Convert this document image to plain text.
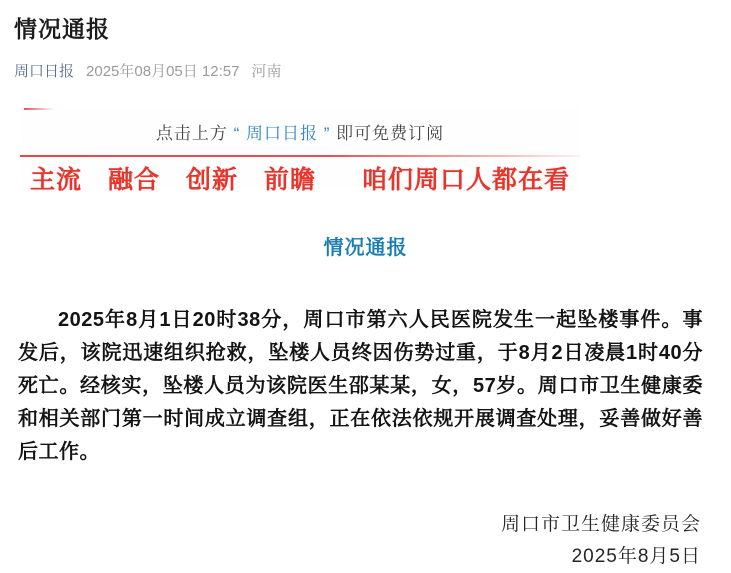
情况通报
周口日报 2025年08月05日 12:57 河南
点击上方 “ 周口日报 ” 即可免费订阅
主流　融合　创新　前瞻 咱们周口人都在看
情况通报

2025年8月1日20时38分，周口市第六人民医院发生一起坠楼事件。事发后，该院迅速组织抢救，坠楼人员终因伤势过重，于8月2日凌晨1时40分死亡。经核实，坠楼人员为该院医生邵某某，女，57岁。周口市卫生健康委和相关部门第一时间成立调查组，正在依法依规开展调查处理，妥善做好善后工作。

周口市卫生健康委员会

2025年8月5日
